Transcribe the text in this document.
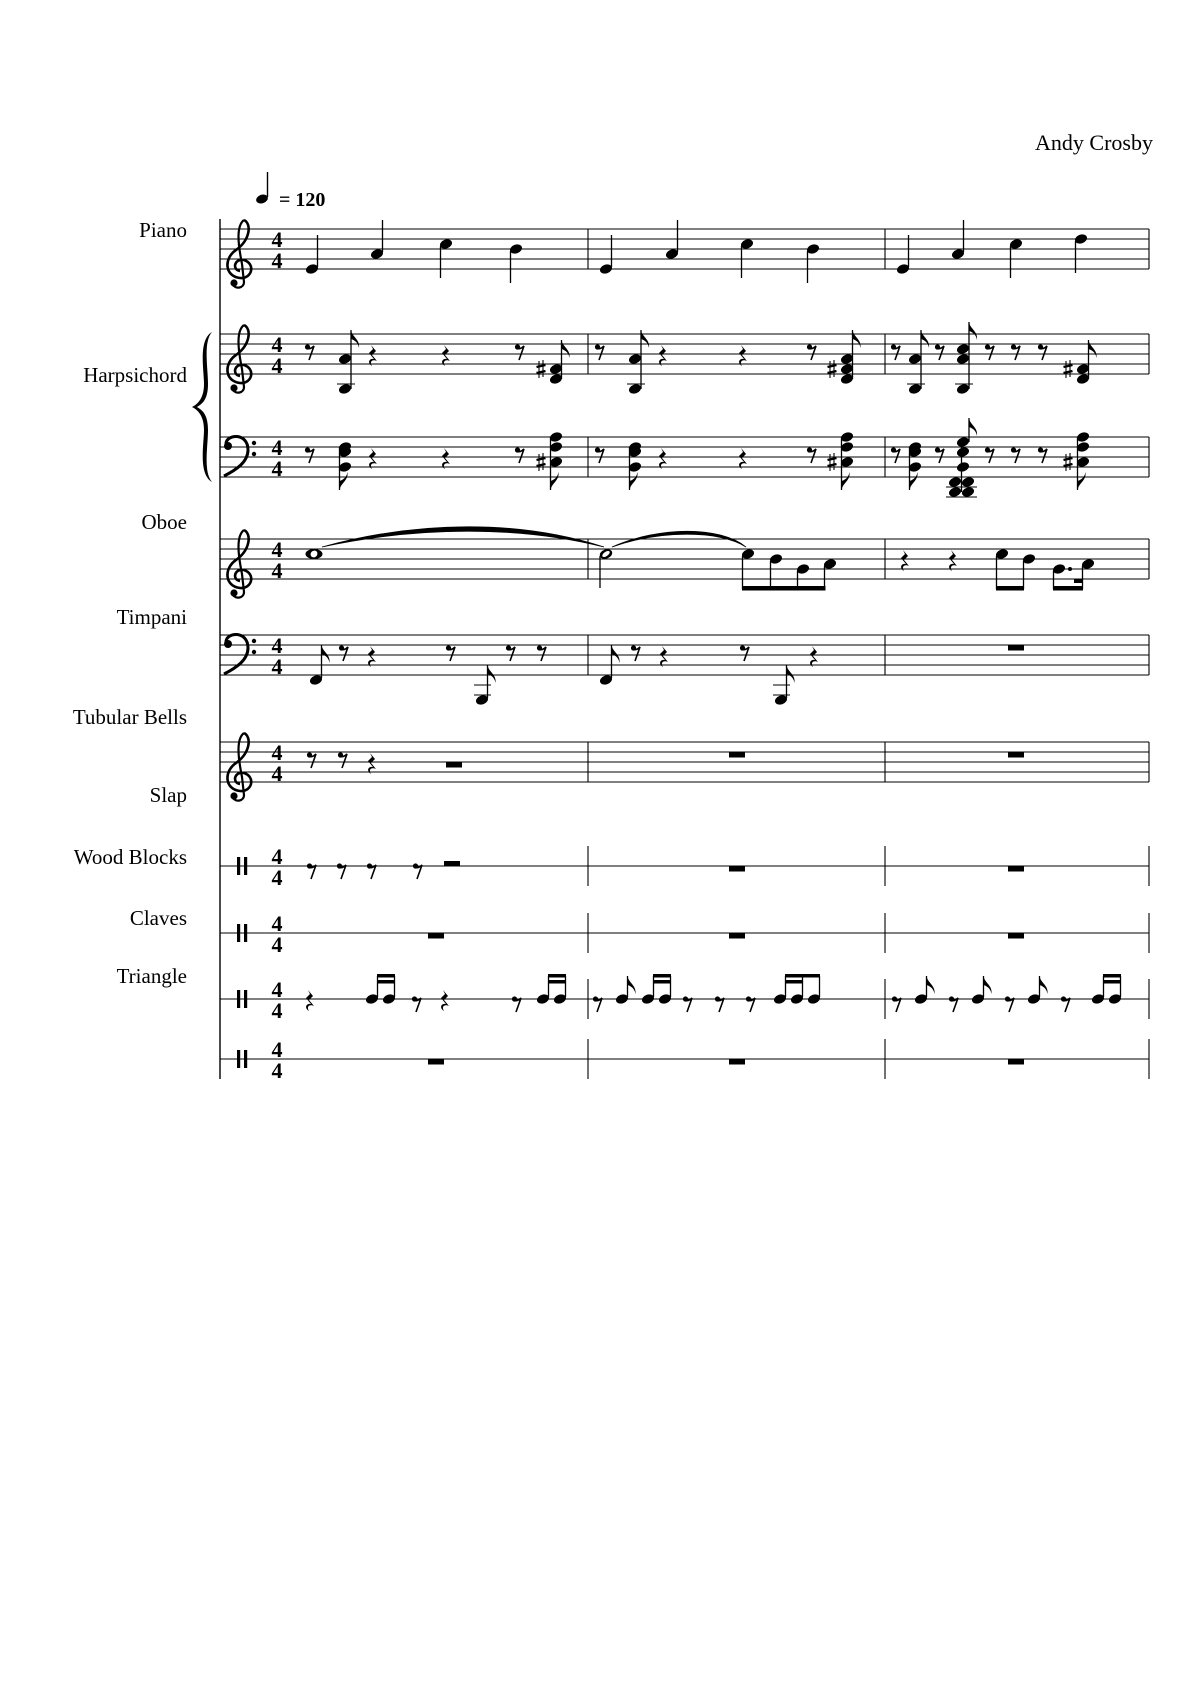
Andy Crosby
Piano
Harpsichord
Oboe
Timpani
Tubular Bells
Slap
Wood Blocks
Claves
Triangle
= 120
4
4
4
4
4
4
4
4
4
4
4
4
4
4
4
4
4
4
4
4
